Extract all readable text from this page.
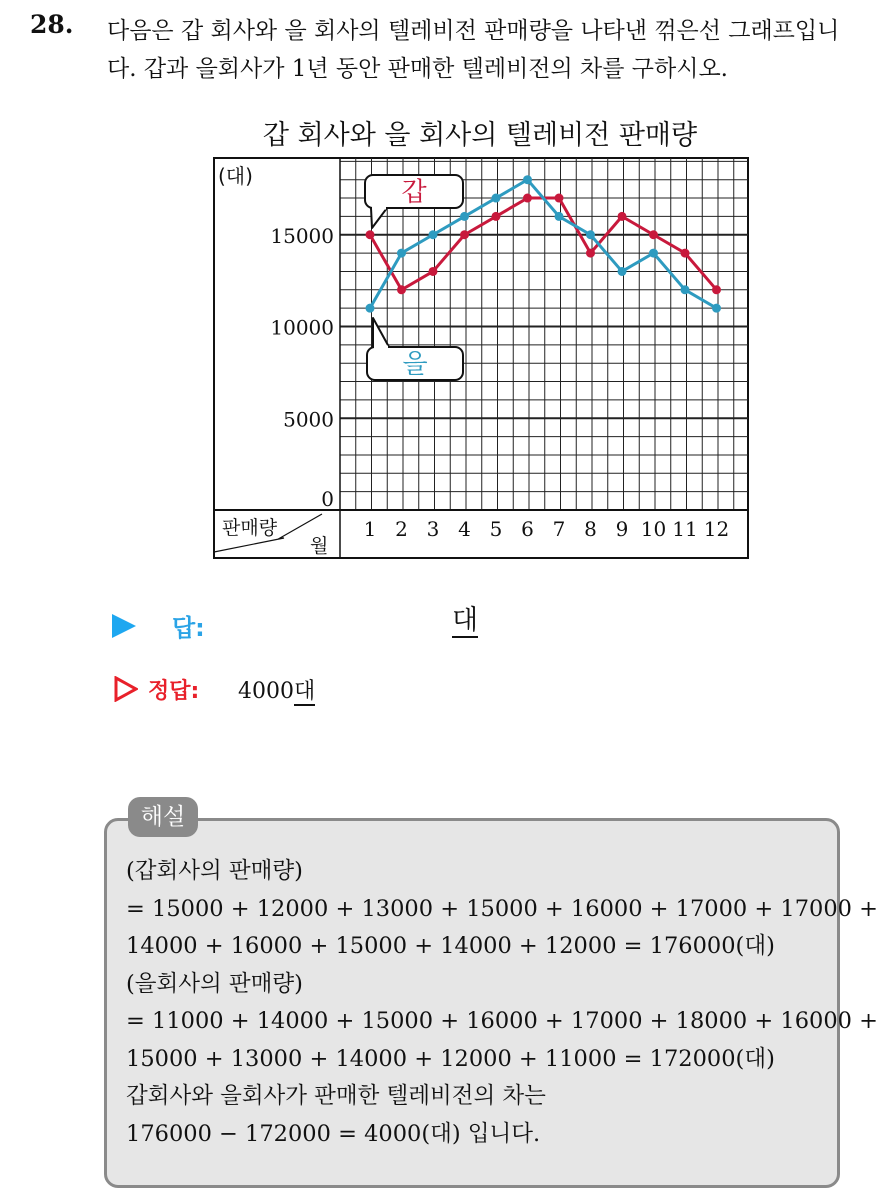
28. 다음은 갑 회사와 을 회사의 텔레비전 판매량을 나타낸 꺾은선 그래프입니다. 갑과 을회사가 1년 동안 판매한 텔레비전의 차를 구하시오.
갑 회사와 을 회사의 텔레비전 판매량
판매량
월
(대)
0
5000
10000
15000
1 2 3 4 5 6 7 8 9 10 11 12
갑
을
답:	대
정답: 4000대
해설
(갑회사의 판매량)
= 15000 + 12000 + 13000 + 15000 + 16000 + 17000 + 17000 +
14000 + 16000 + 15000 + 14000 + 12000 = 176000(대)
(을회사의 판매량)
= 11000 + 14000 + 15000 + 16000 + 17000 + 18000 + 16000 +
15000 + 13000 + 14000 + 12000 + 11000 = 172000(대)
갑회사와 을회사가 판매한 텔레비전의 차는
176000 − 172000 = 4000(대) 입니다.
